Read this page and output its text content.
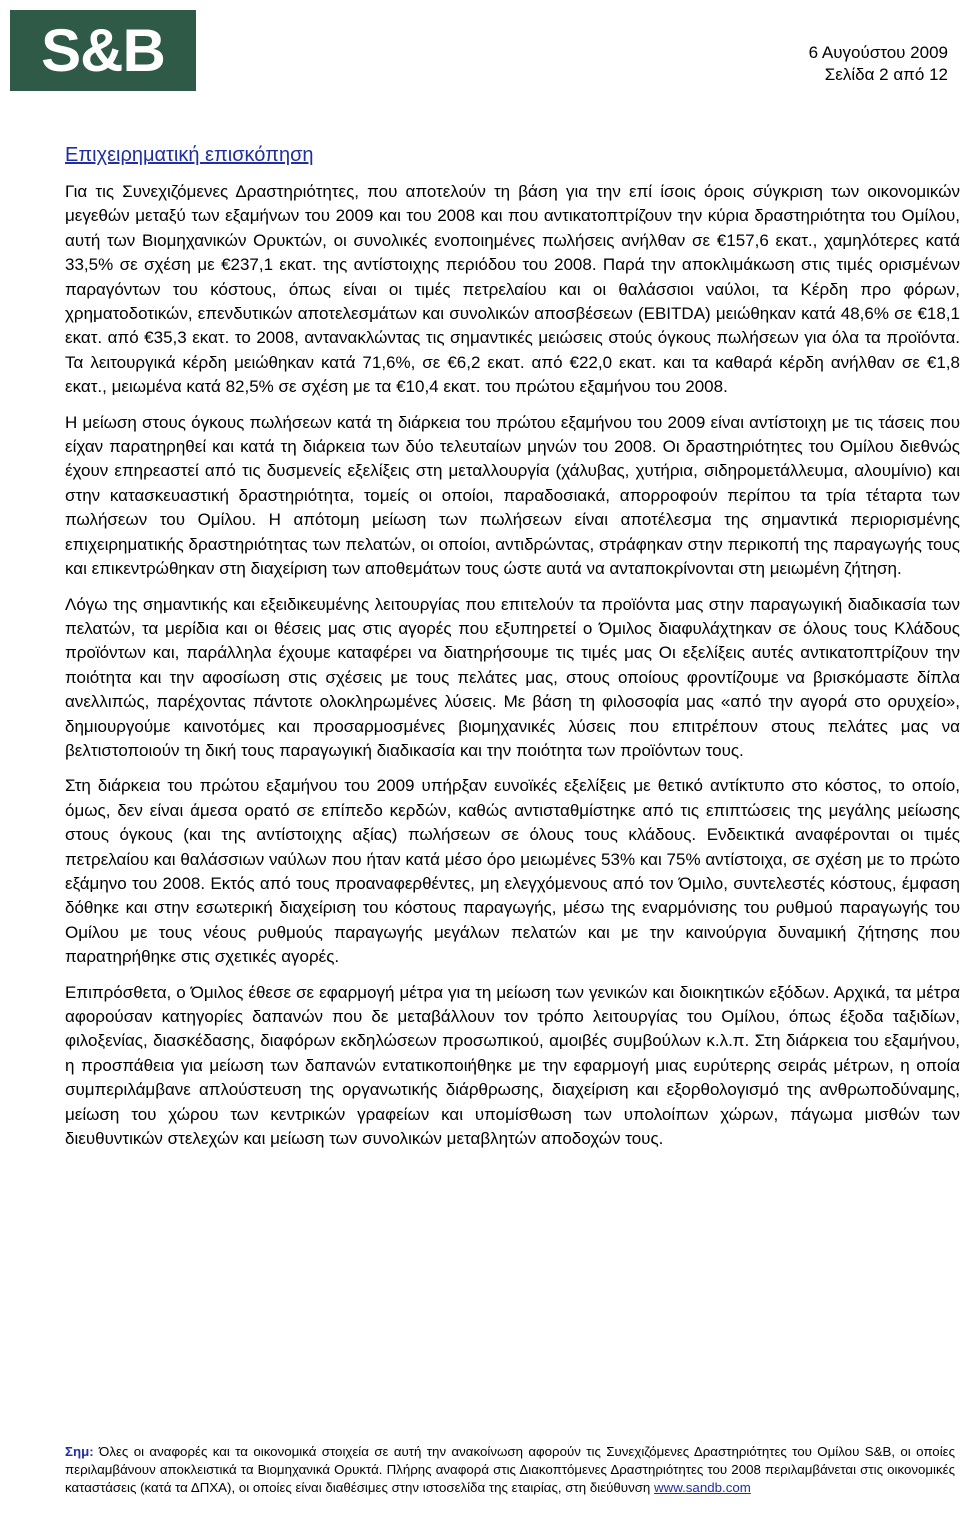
S&B	6 Αυγούστου 2009
Σελίδα 2 από 12
Επιχειρηματική επισκόπηση

Για τις Συνεχιζόμενες Δραστηριότητες, που αποτελούν τη βάση για την επί ίσοις όροις σύγκριση των οικονομικών μεγεθών μεταξύ των εξαμήνων του 2009 και του 2008 και που αντικατοπτρίζουν την κύρια δραστηριότητα του Ομίλου, αυτή των Βιομηχανικών Ορυκτών, οι συνολικές ενοποιημένες πωλήσεις ανήλθαν σε €157,6 εκατ., χαμηλότερες κατά 33,5% σε σχέση με €237,1 εκατ. της αντίστοιχης περιόδου του 2008. Παρά την αποκλιμάκωση στις τιμές ορισμένων παραγόντων του κόστους, όπως είναι οι τιμές πετρελαίου και οι θαλάσσιοι ναύλοι, τα Κέρδη προ φόρων, χρηματοδοτικών, επενδυτικών αποτελεσμάτων και συνολικών αποσβέσεων (EBITDA) μειώθηκαν κατά 48,6% σε €18,1 εκατ. από €35,3 εκατ. το 2008, αντανακλώντας τις σημαντικές μειώσεις στούς όγκους πωλήσεων για όλα τα προϊόντα. Τα λειτουργικά κέρδη μειώθηκαν κατά 71,6%, σε €6,2 εκατ. από €22,0 εκατ. και τα καθαρά κέρδη ανήλθαν σε €1,8 εκατ., μειωμένα κατά 82,5% σε σχέση με τα €10,4 εκατ. του πρώτου εξαμήνου του 2008.

Η μείωση στους όγκους πωλήσεων κατά τη διάρκεια του πρώτου εξαμήνου του 2009 είναι αντίστοιχη με τις τάσεις που είχαν παρατηρηθεί και κατά τη διάρκεια των δύο τελευταίων μηνών του 2008. Οι δραστηριότητες του Ομίλου διεθνώς έχουν επηρεαστεί από τις δυσμενείς εξελίξεις στη μεταλλουργία (χάλυβας, χυτήρια, σιδηρομετάλλευμα, αλουμίνιο) και στην κατασκευαστική δραστηριότητα, τομείς οι οποίοι, παραδοσιακά, απορροφούν περίπου τα τρία τέταρτα των πωλήσεων του Ομίλου. Η απότομη μείωση των πωλήσεων είναι αποτέλεσμα της σημαντικά περιορισμένης επιχειρηματικής δραστηριότητας των πελατών, οι οποίοι, αντιδρώντας, στράφηκαν στην περικοπή της παραγωγής τους και επικεντρώθηκαν στη διαχείριση των αποθεμάτων τους ώστε αυτά να ανταποκρίνονται στη μειωμένη ζήτηση.

Λόγω της σημαντικής και εξειδικευμένης λειτουργίας που επιτελούν τα προϊόντα μας στην παραγωγική διαδικασία των πελατών, τα μερίδια και οι θέσεις μας στις αγορές που εξυπηρετεί ο Όμιλος διαφυλάχτηκαν σε όλους τους Κλάδους προϊόντων και, παράλληλα έχουμε καταφέρει να διατηρήσουμε τις τιμές μας Οι εξελίξεις αυτές αντικατοπτρίζουν την ποιότητα και την αφοσίωση στις σχέσεις με τους πελάτες μας, στους οποίους φροντίζουμε να βρισκόμαστε δίπλα ανελλιπώς, παρέχοντας πάντοτε ολοκληρωμένες λύσεις. Με βάση τη φιλοσοφία μας «από την αγορά στο ορυχείο», δημιουργούμε καινοτόμες και προσαρμοσμένες βιομηχανικές λύσεις που επιτρέπουν στους πελάτες μας να βελτιστοποιούν τη δική τους παραγωγική διαδικασία και την ποιότητα των προϊόντων τους.

Στη διάρκεια του πρώτου εξαμήνου του 2009 υπήρξαν ευνοϊκές εξελίξεις με θετικό αντίκτυπο στο κόστος, το οποίο, όμως, δεν είναι άμεσα ορατό σε επίπεδο κερδών, καθώς αντισταθμίστηκε από τις επιπτώσεις της μεγάλης μείωσης στους όγκους (και της αντίστοιχης αξίας) πωλήσεων σε όλους τους κλάδους. Ενδεικτικά αναφέρονται οι τιμές πετρελαίου και θαλάσσιων ναύλων που ήταν κατά μέσο όρο μειωμένες 53% και 75% αντίστοιχα, σε σχέση με το πρώτο εξάμηνο του 2008. Εκτός από τους προαναφερθέντες, μη ελεγχόμενους από τον Όμιλο, συντελεστές κόστους, έμφαση δόθηκε και στην εσωτερική διαχείριση του κόστους παραγωγής, μέσω της εναρμόνισης του ρυθμού παραγωγής του Ομίλου με τους νέους ρυθμούς παραγωγής μεγάλων πελατών και με την καινούργια δυναμική ζήτησης που παρατηρήθηκε στις σχετικές αγορές.

Επιπρόσθετα, ο Όμιλος έθεσε σε εφαρμογή μέτρα για τη μείωση των γενικών και διοικητικών εξόδων. Αρχικά, τα μέτρα αφορούσαν κατηγορίες δαπανών που δε μεταβάλλουν τον τρόπο λειτουργίας του Ομίλου, όπως έξοδα ταξιδίων, φιλοξενίας, διασκέδασης, διαφόρων εκδηλώσεων προσωπικού, αμοιβές συμβούλων κ.λ.π. Στη διάρκεια του εξαμήνου, η προσπάθεια για μείωση των δαπανών εντατικοποιήθηκε με την εφαρμογή μιας ευρύτερης σειράς μέτρων, η οποία συμπεριλάμβανε απλούστευση της οργανωτικής διάρθρωσης, διαχείριση και εξορθολογισμό της ανθρωποδύναμης, μείωση του χώρου των κεντρικών γραφείων και υπομίσθωση των υπολοίπων χώρων, πάγωμα μισθών των διευθυντικών στελεχών και μείωση των συνολικών μεταβλητών αποδοχών τους.

Σημ: Όλες οι αναφορές και τα οικονομικά στοιχεία σε αυτή την ανακοίνωση αφορούν τις Συνεχιζόμενες Δραστηριότητες του Ομίλου S&B, οι οποίες περιλαμβάνουν αποκλειστικά τα Βιομηχανικά Ορυκτά. Πλήρης αναφορά στις Διακοπτόμενες Δραστηριότητες του 2008 περιλαμβάνεται στις οικονομικές καταστάσεις (κατά τα ΔΠΧΑ), οι οποίες είναι διαθέσιμες στην ιστοσελίδα της εταιρίας, στη διεύθυνση www.sandb.com
